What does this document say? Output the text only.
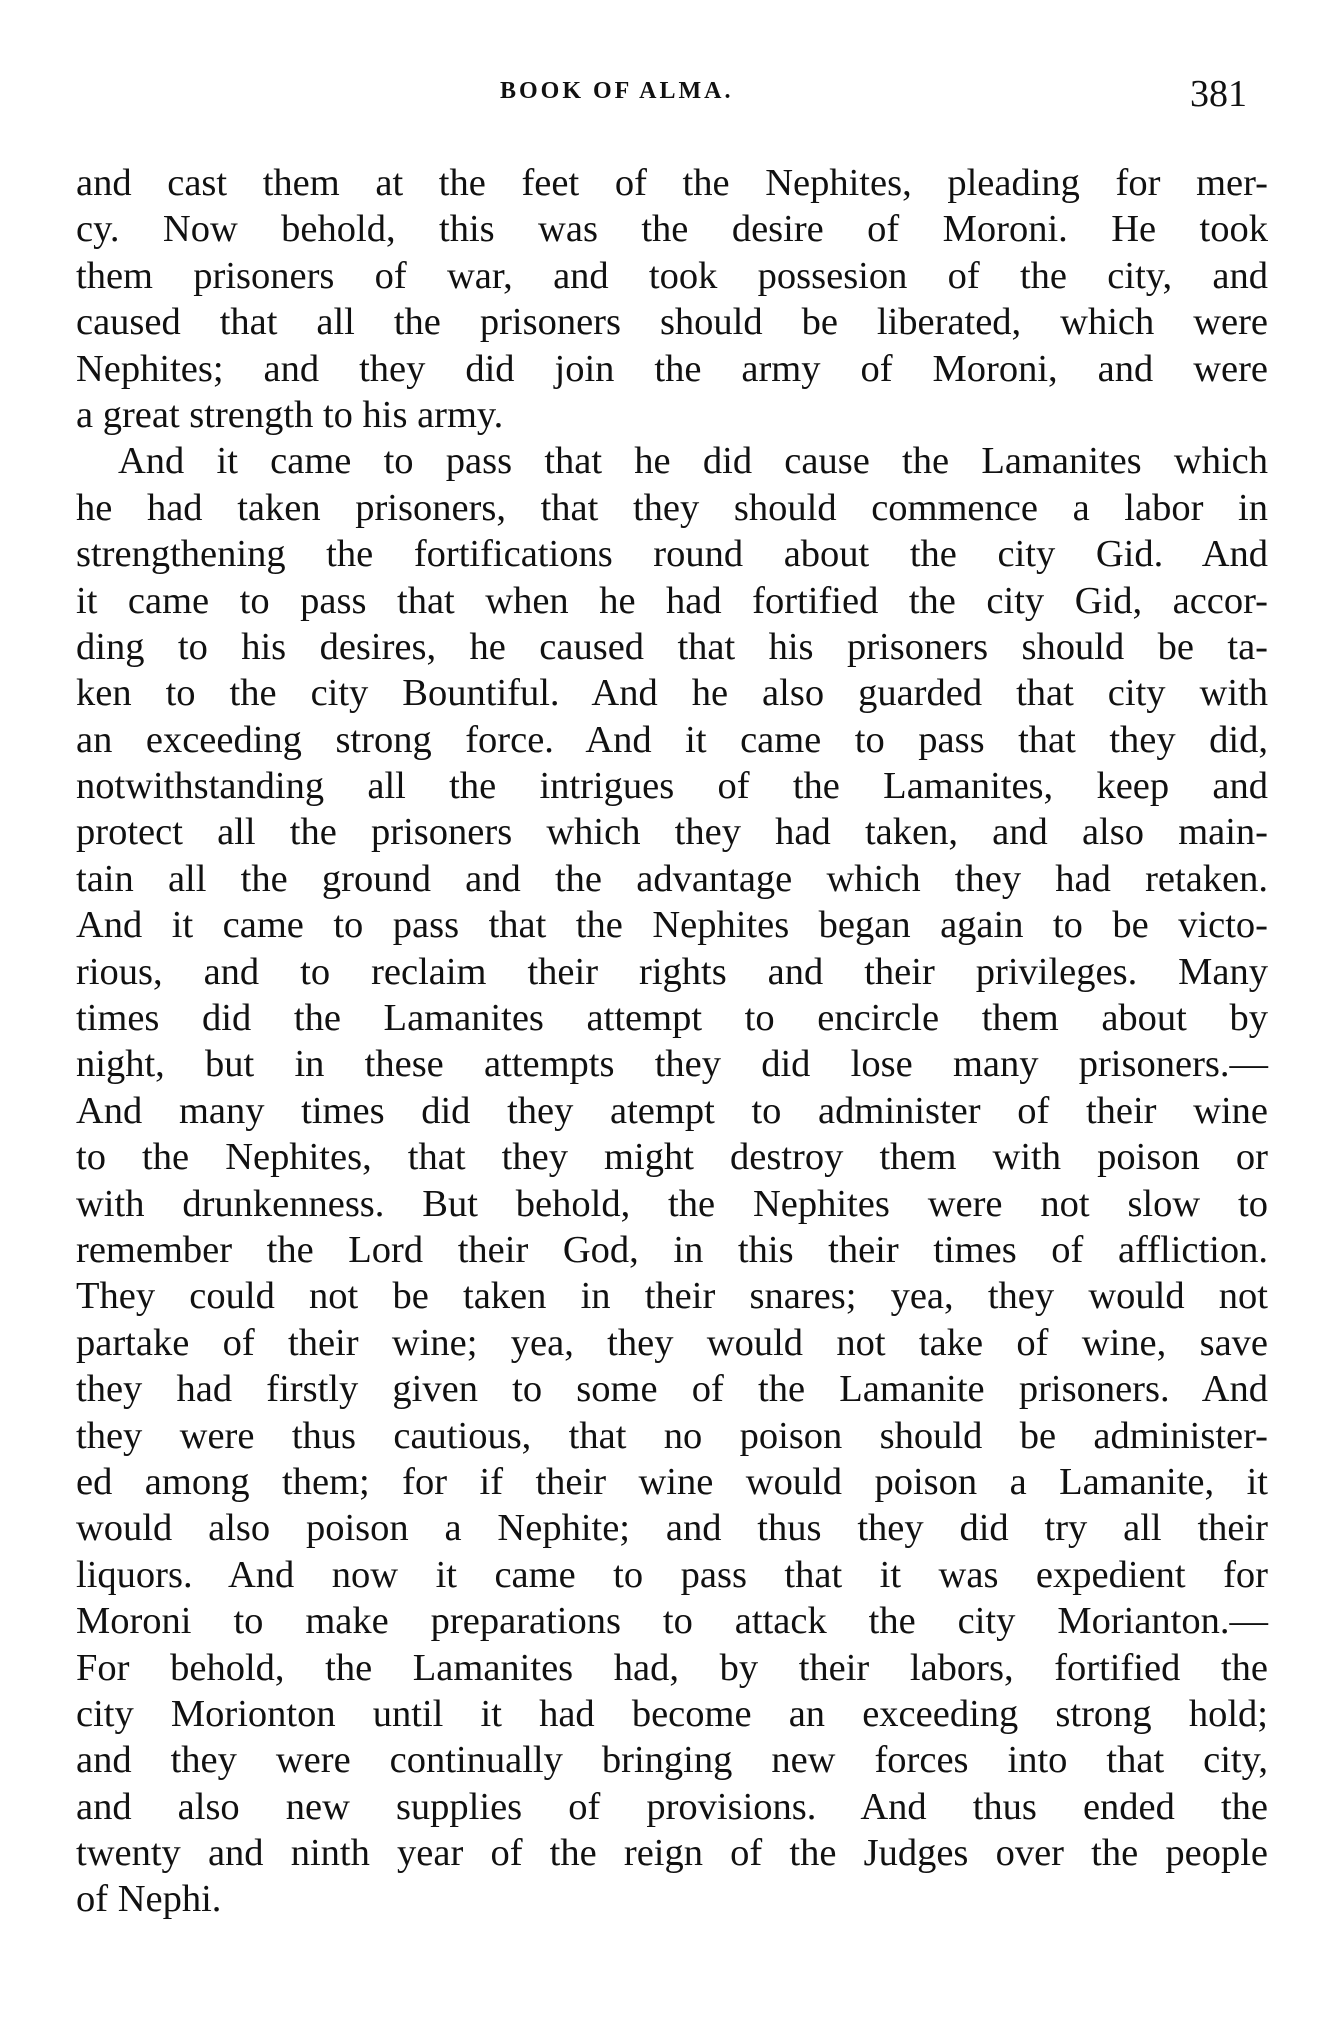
BOOK OF ALMA.	381
and cast them at the feet of the Nephites, pleading for mer-
cy. Now behold, this was the desire of Moroni. He took
them prisoners of war, and took possesion of the city, and
caused that all the prisoners should be liberated, which were
Nephites; and they did join the army of Moroni, and were
a great strength to his army.
And it came to pass that he did cause the Lamanites which
he had taken prisoners, that they should commence a labor in
strengthening the fortifications round about the city Gid. And
it came to pass that when he had fortified the city Gid, accor-
ding to his desires, he caused that his prisoners should be ta-
ken to the city Bountiful. And he also guarded that city with
an exceeding strong force. And it came to pass that they did,
notwithstanding all the intrigues of the Lamanites, keep and
protect all the prisoners which they had taken, and also main-
tain all the ground and the advantage which they had retaken.
And it came to pass that the Nephites began again to be victo-
rious, and to reclaim their rights and their privileges. Many
times did the Lamanites attempt to encircle them about by
night, but in these attempts they did lose many prisoners.—
And many times did they atempt to administer of their wine
to the Nephites, that they might destroy them with poison or
with drunkenness. But behold, the Nephites were not slow to
remember the Lord their God, in this their times of affliction.
They could not be taken in their snares; yea, they would not
partake of their wine; yea, they would not take of wine, save
they had firstly given to some of the Lamanite prisoners. And
they were thus cautious, that no poison should be administer-
ed among them; for if their wine would poison a Lamanite, it
would also poison a Nephite; and thus they did try all their
liquors. And now it came to pass that it was expedient for
Moroni to make preparations to attack the city Morianton.—
For behold, the Lamanites had, by their labors, fortified the
city Morionton until it had become an exceeding strong hold;
and they were continually bringing new forces into that city,
and also new supplies of provisions. And thus ended the
twenty and ninth year of the reign of the Judges over the people
of Nephi.
